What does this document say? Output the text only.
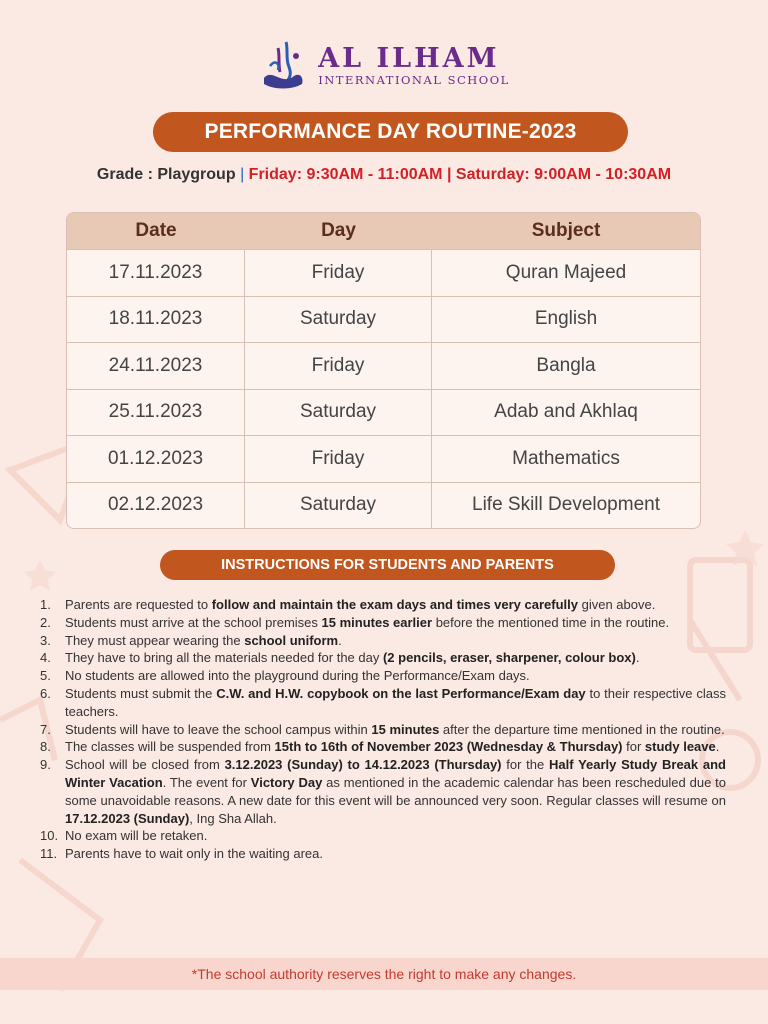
AL ILHAM
INTERNATIONAL SCHOOL
PERFORMANCE DAY ROUTINE-2023
Grade : Playgroup | Friday: 9:30AM - 11:00AM | Saturday: 9:00AM - 10:30AM
Date	Day	Subject
17.11.2023	Friday	Quran Majeed
18.11.2023	Saturday	English
24.11.2023	Friday	Bangla
25.11.2023	Saturday	Adab and Akhlaq
01.12.2023	Friday	Mathematics
02.12.2023	Saturday	Life Skill Development
INSTRUCTIONS FOR STUDENTS AND PARENTS
1.	Parents are requested to follow and maintain the exam days and times very carefully given above.
2.	Students must arrive at the school premises 15 minutes earlier before the mentioned time in the routine.
3.	They must appear wearing the school uniform.
4.	They have to bring all the materials needed for the day (2 pencils, eraser, sharpener, colour box).
5.	No students are allowed into the playground during the Performance/Exam days.
6.	Students must submit the C.W. and H.W. copybook on the last Performance/Exam day to their respective class teachers.
7.	Students will have to leave the school campus within 15 minutes after the departure time mentioned in the routine.
8.	The classes will be suspended from 15th to 16th of November 2023 (Wednesday & Thursday) for study leave.
9.	School will be closed from 3.12.2023 (Sunday) to 14.12.2023 (Thursday) for the Half Yearly Study Break and Winter Vacation. The event for Victory Day as mentioned in the academic calendar has been rescheduled due to some unavoidable reasons. A new date for this event will be announced very soon. Regular classes will resume on 17.12.2023 (Sunday), Ing Sha Allah.
10. No exam will be retaken.
11. Parents have to wait only in the waiting area.
*The school authority reserves the right to make any changes.
